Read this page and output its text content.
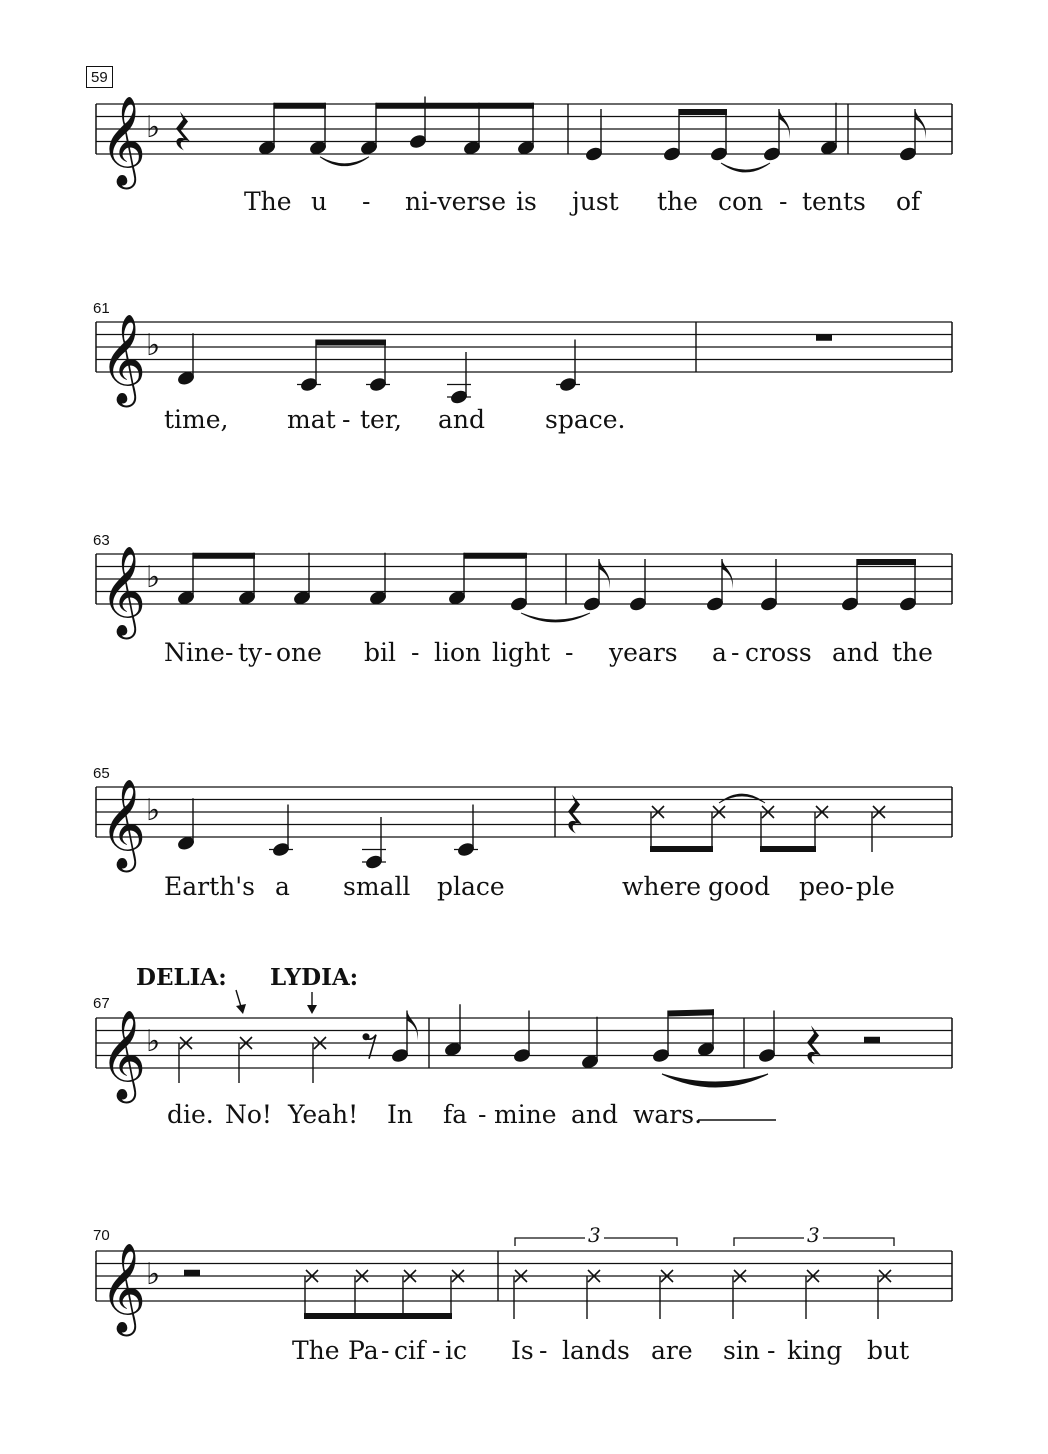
𝄞 ♭
𝄞 ♭
𝄞 ♭
𝄞 ♭
𝄞 ♭
𝄞 ♭
59
The u - ni-verse is just the con - tents of
61
time, mat - ter, and space.
63
Nine - ty - one bil - lion light - years a - cross and the
65
Earth's a small place	where good peo - ple
DELIA: LYDIA:
67
die. No! Yeah! In fa - mine and wars.
3	3
70
The Pa - cif - ic Is - lands are sin - king but
